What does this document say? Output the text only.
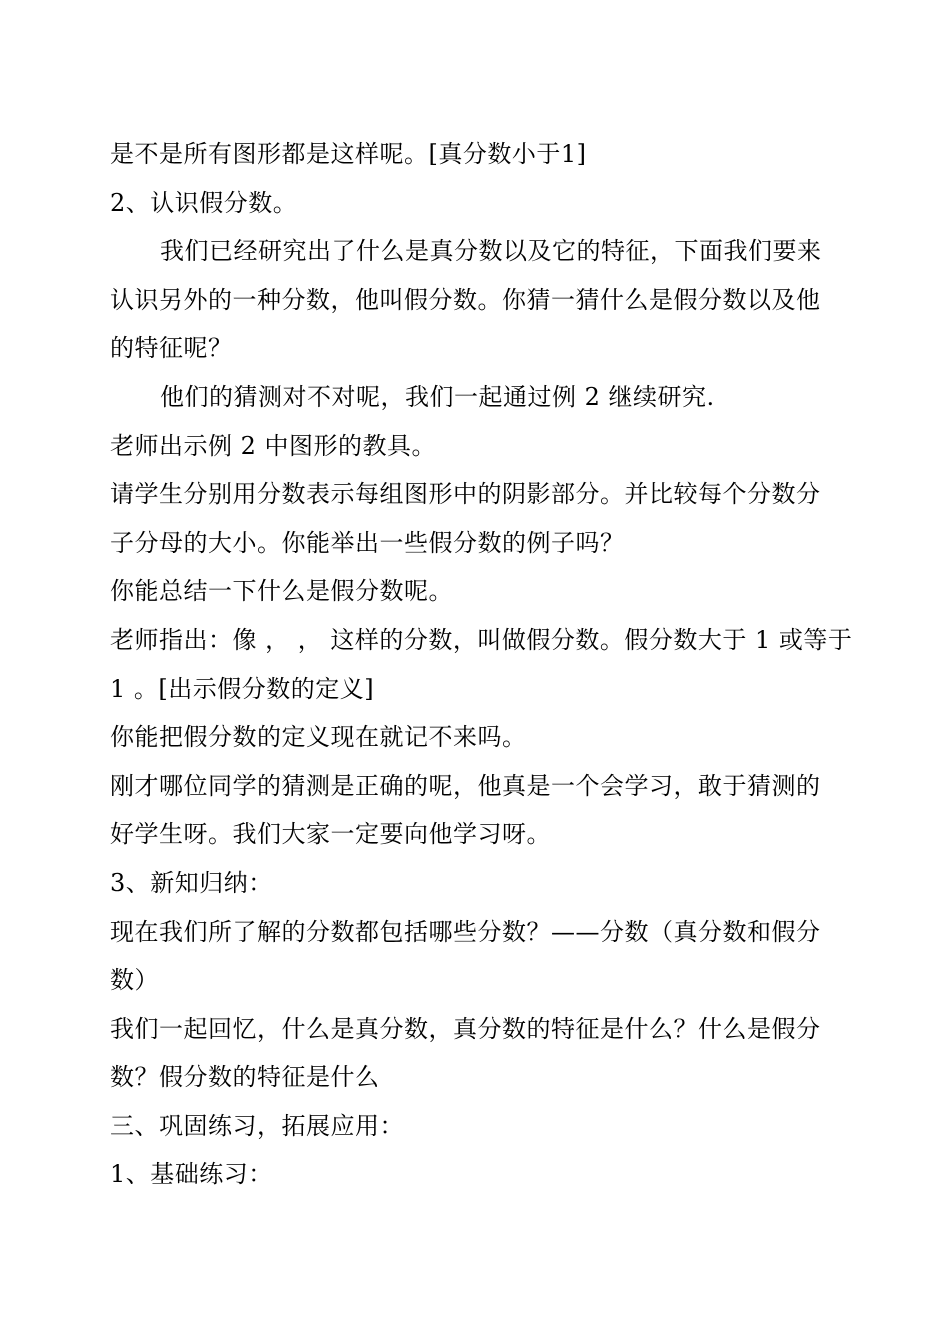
是不是所有图形都是这样呢。[真分数小于1]
2、认识假分数。
我们已经研究出了什么是真分数以及它的特征，下面我们要来
认识另外的一种分数，他叫假分数。你猜一猜什么是假分数以及他
的特征呢？
他们的猜测对不对呢，我们一起通过例 2 继续研究.
老师出示例 2 中图形的教具。
请学生分别用分数表示每组图形中的阴影部分。并比较每个分数分
子分母的大小。你能举出一些假分数的例子吗？
你能总结一下什么是假分数呢。
老师指出：像 ， ， 这样的分数，叫做假分数。假分数大于 1 或等于
1 。[出示假分数的定义]
你能把假分数的定义现在就记不来吗。
刚才哪位同学的猜测是正确的呢，他真是一个会学习，敢于猜测的
好学生呀。我们大家一定要向他学习呀。
3、新知归纳：
现在我们所了解的分数都包括哪些分数？——分数（真分数和假分
数）
我们一起回忆，什么是真分数，真分数的特征是什么？什么是假分
数？假分数的特征是什么
三、巩固练习，拓展应用：
1、基础练习：
